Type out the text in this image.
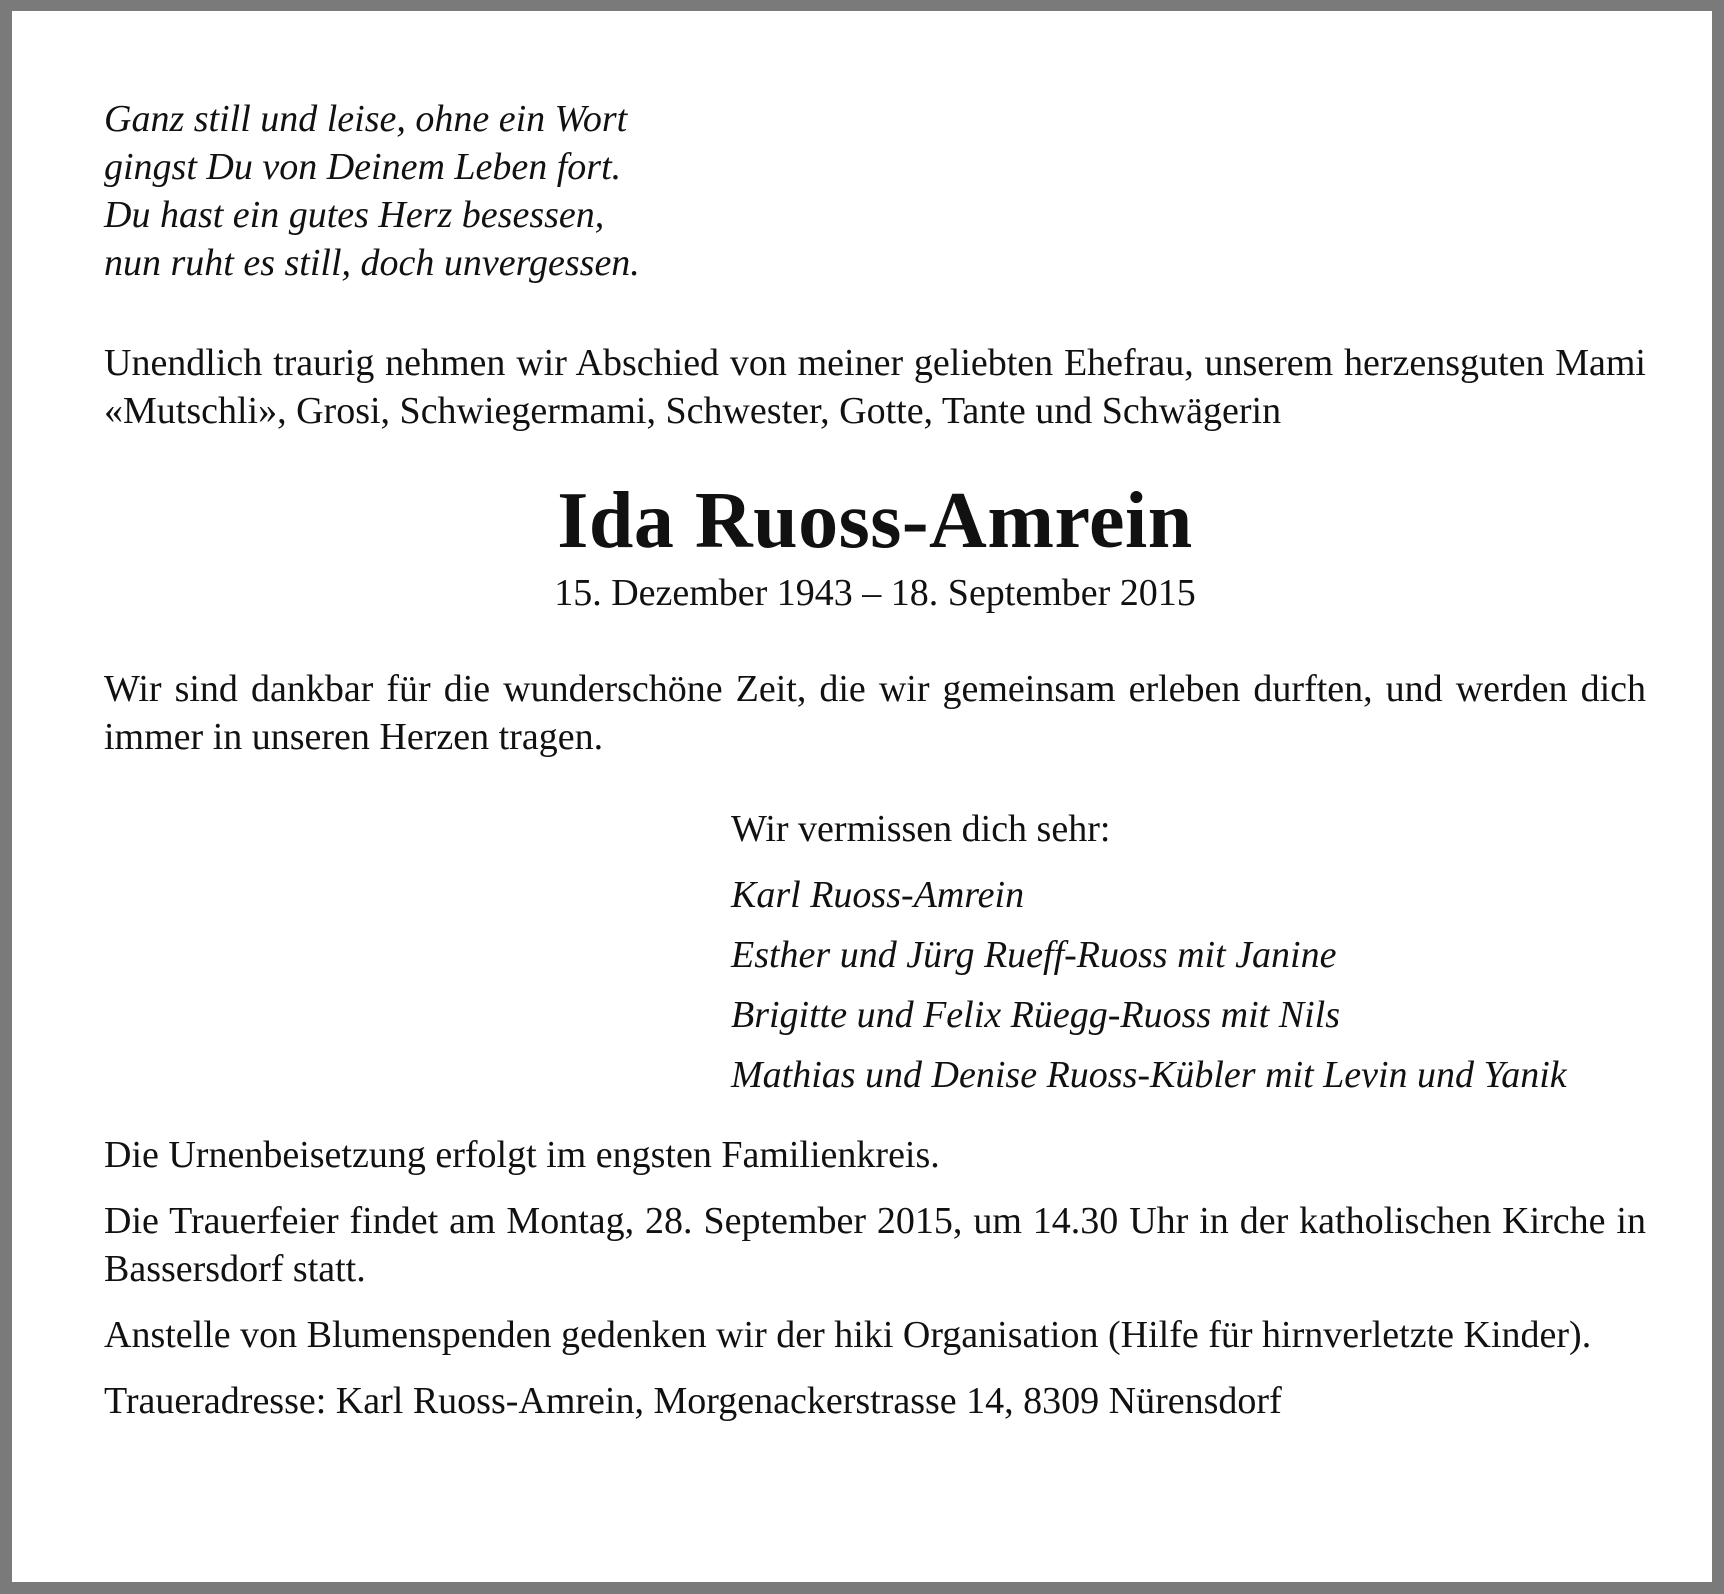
Ganz still und leise, ohne ein Wort
gingst Du von Deinem Leben fort.
Du hast ein gutes Herz besessen,
nun ruht es still, doch unvergessen.

Unendlich traurig nehmen wir Abschied von meiner geliebten Ehefrau, unserem herzensguten Mami «Mutschli», Grosi, Schwiegermami, Schwester, Gotte, Tante und Schwägerin

Ida Ruoss-Amrein

15. Dezember 1943 – 18. September 2015

Wir sind dankbar für die wunderschöne Zeit, die wir gemeinsam erleben durften, und werden dich immer in unseren Herzen tragen.

Wir vermissen dich sehr:

Karl Ruoss-Amrein
Esther und Jürg Rueff-Ruoss mit Janine
Brigitte und Felix Rüegg-Ruoss mit Nils
Mathias und Denise Ruoss-Kübler mit Levin und Yanik

Die Urnenbeisetzung erfolgt im engsten Familienkreis.

Die Trauerfeier findet am Montag, 28. September 2015, um 14.30 Uhr in der katholischen Kirche in Bassersdorf statt.

Anstelle von Blumenspenden gedenken wir der hiki Organisation (Hilfe für hirnverletzte Kinder).

Traueradresse: Karl Ruoss-Amrein, Morgenackerstrasse 14, 8309 Nürensdorf
